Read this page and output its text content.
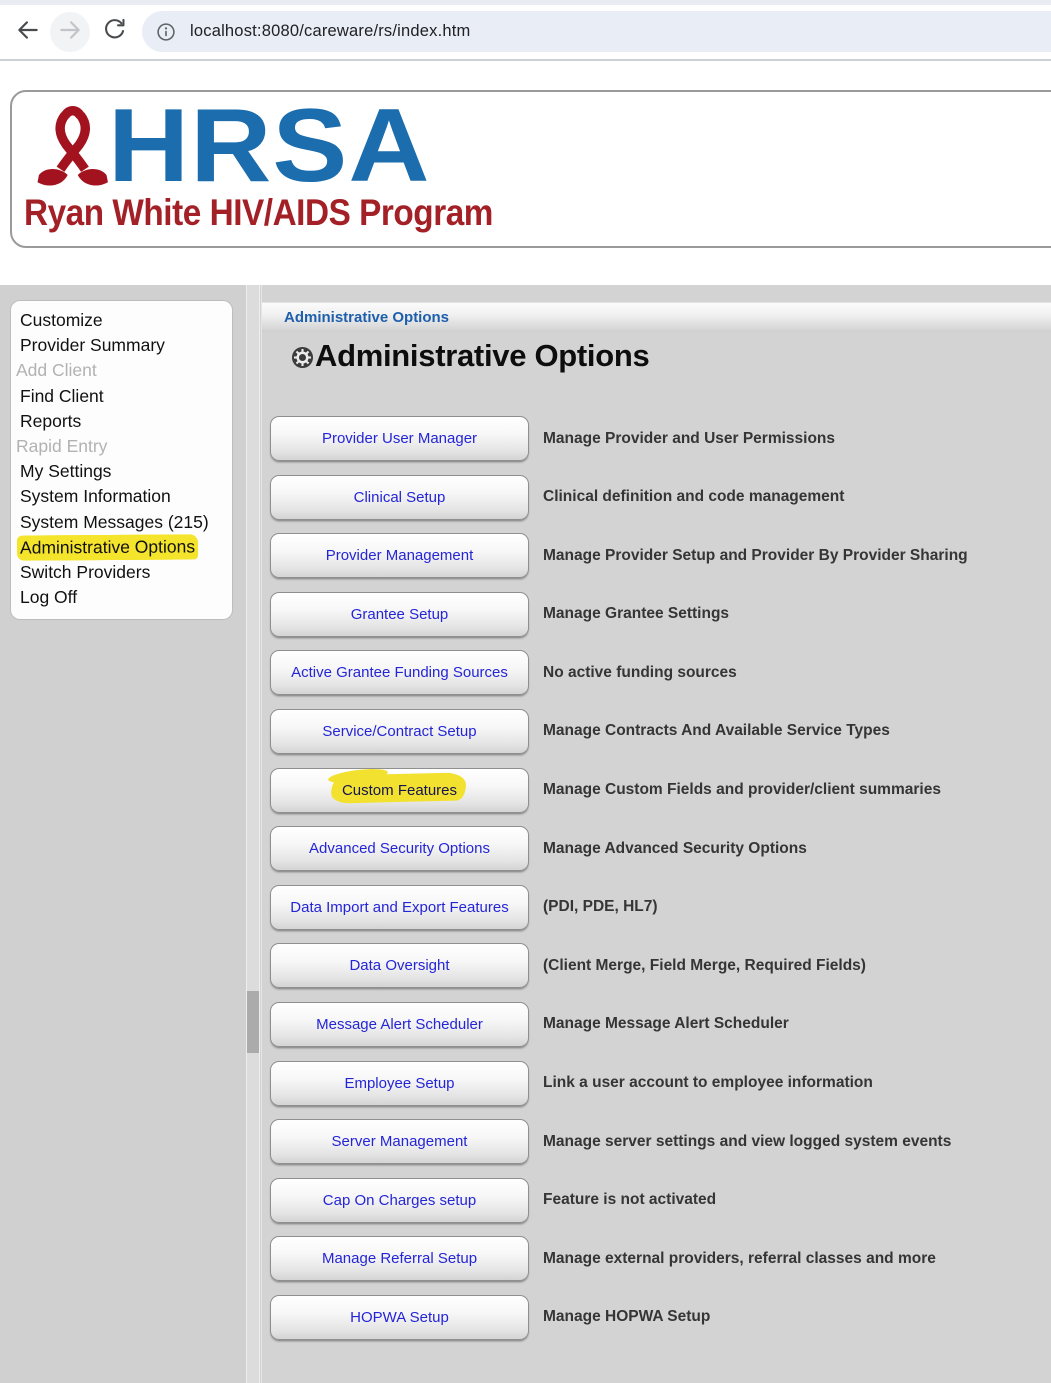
localhost:8080/careware/rs/index.htm
HRSA
Ryan White HIV/AIDS Program
Customize
Provider Summary
Add Client
Find Client
Reports
Rapid Entry
My Settings
System Information
System Messages (215)
Administrative Options
Switch Providers
Log Off
Administrative Options
Administrative Options
Provider User Manager	Manage Provider and User Permissions
Clinical Setup	Clinical definition and code management
Provider Management	Manage Provider Setup and Provider By Provider Sharing
Grantee Setup	Manage Grantee Settings
Active Grantee Funding Sources	No active funding sources
Service/Contract Setup	Manage Contracts And Available Service Types
Custom Features	Manage Custom Fields and provider/client summaries
Advanced Security Options	Manage Advanced Security Options
Data Import and Export Features	(PDI, PDE, HL7)
Data Oversight	(Client Merge, Field Merge, Required Fields)
Message Alert Scheduler	Manage Message Alert Scheduler
Employee Setup	Link a user account to employee information
Server Management	Manage server settings and view logged system events
Cap On Charges setup	Feature is not activated
Manage Referral Setup	Manage external providers, referral classes and more
HOPWA Setup	Manage HOPWA Setup
